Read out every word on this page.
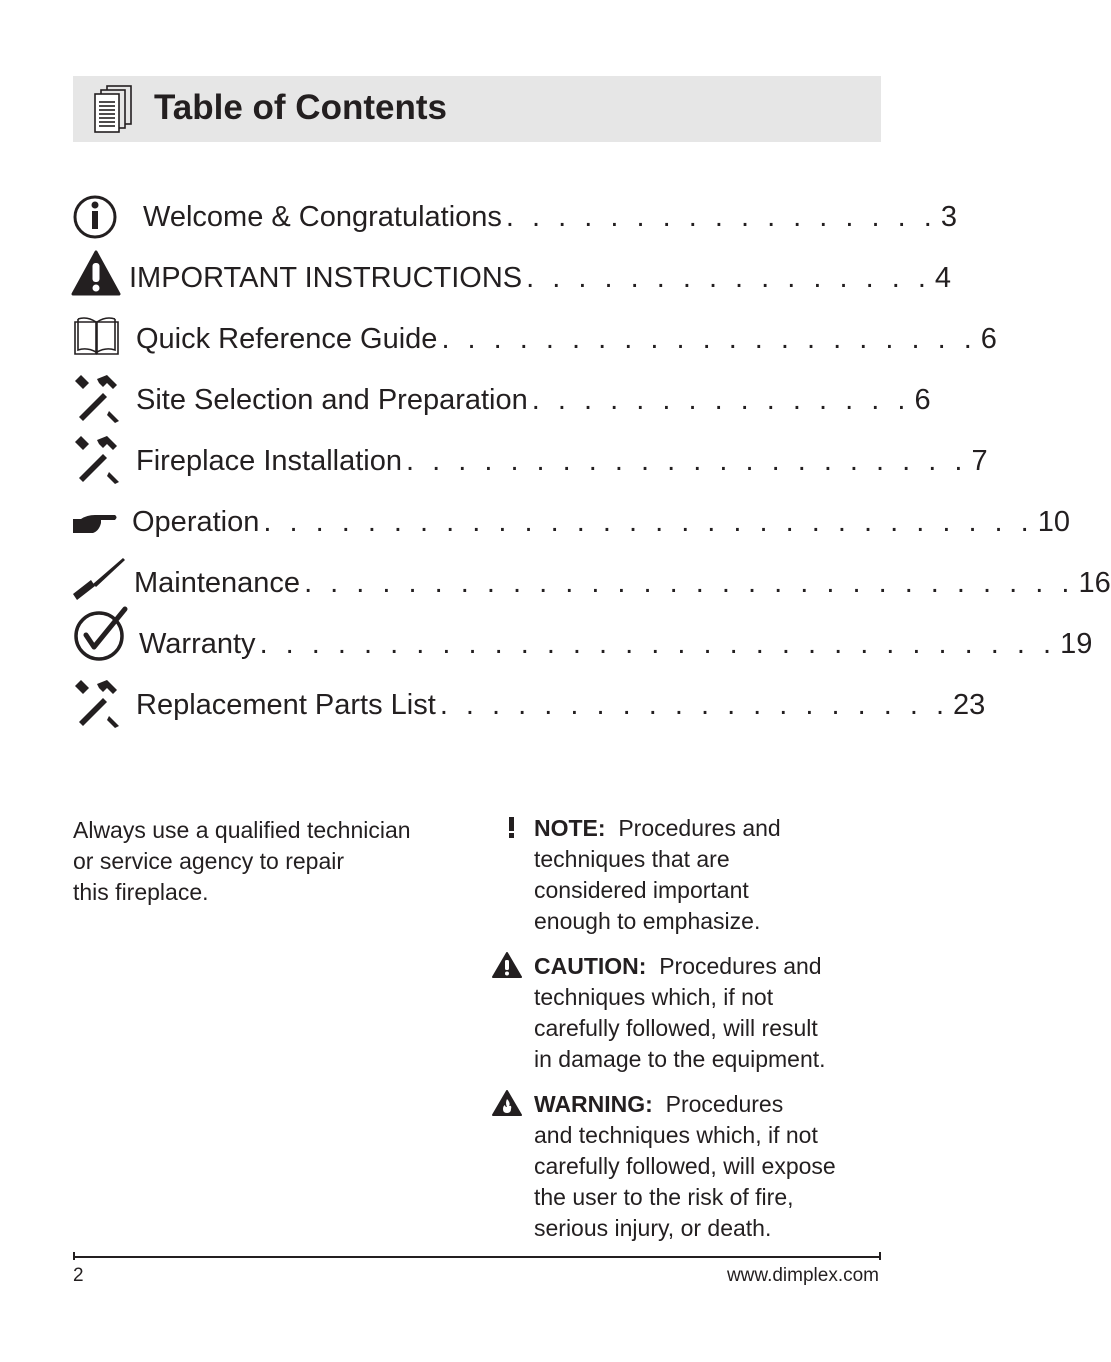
Table of Contents
Welcome & Congratulations . . . . . . . . . . . . . . . . . 3
IMPORTANT INSTRUCTIONS . . . . . . . . . . . . . . . . 4
Quick Reference Guide . . . . . . . . . . . . . . . . . . . . . 6
Site Selection and Preparation . . . . . . . . . . . . . . . 6
Fireplace Installation . . . . . . . . . . . . . . . . . . . . . . 7
Operation . . . . . . . . . . . . . . . . . . . . . . . . . . . . . . 10
Maintenance . . . . . . . . . . . . . . . . . . . . . . . . . . . . . . 16
Warranty . . . . . . . . . . . . . . . . . . . . . . . . . . . . . . . 19
Replacement Parts List . . . . . . . . . . . . . . . . . . . . 23
Always use a qualified technician
or service agency to repair
this fireplace.
NOTE: Procedures and
techniques that are
considered important
enough to emphasize.
CAUTION: Procedures and
techniques which, if not
carefully followed, will result
in damage to the equipment.
WARNING: Procedures
and techniques which, if not
carefully followed, will expose
the user to the risk of fire,
serious injury, or death.
2	www.dimplex.com
